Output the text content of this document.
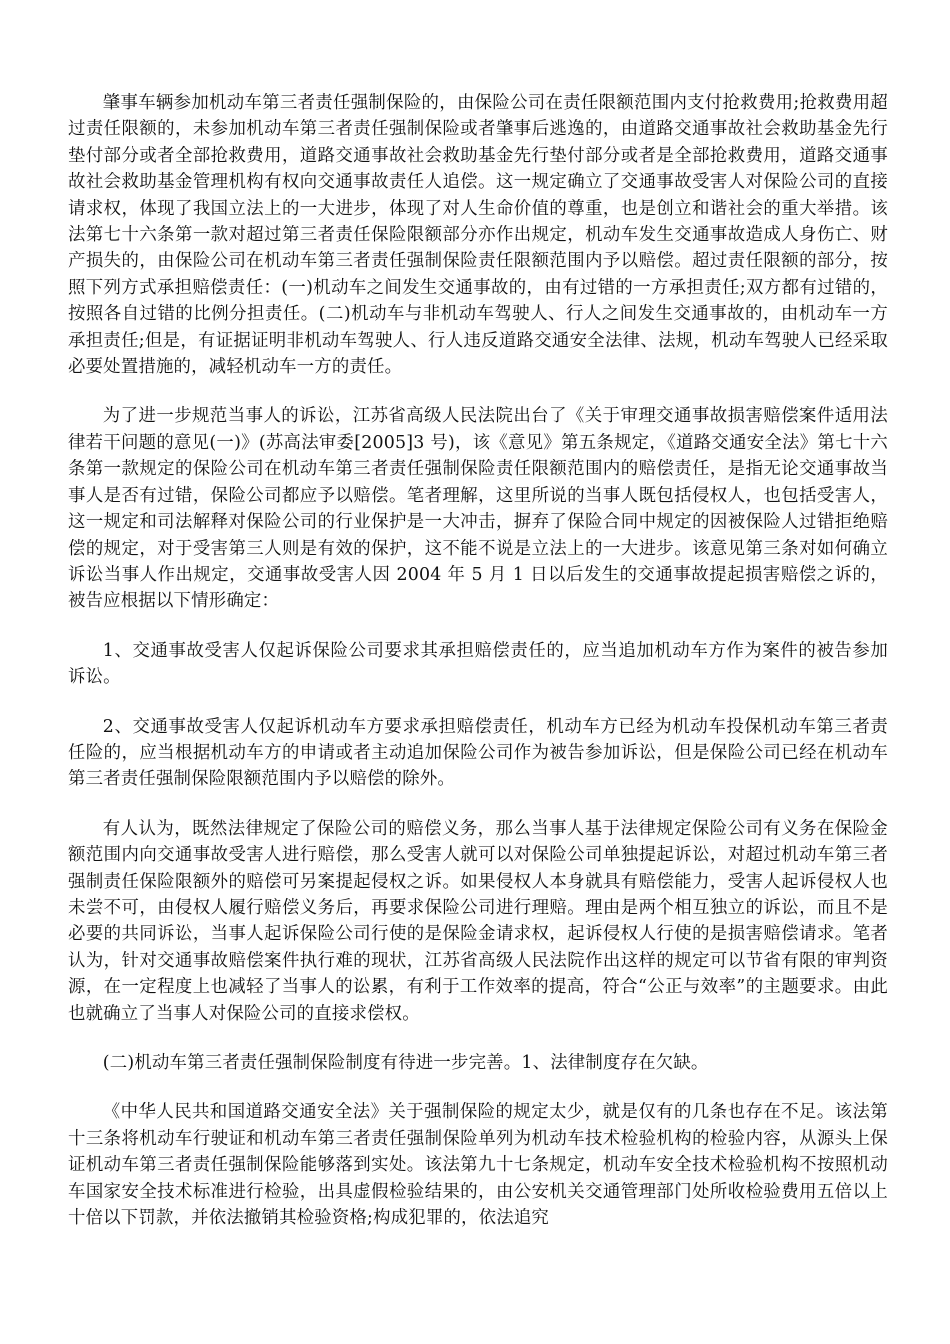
肇事车辆参加机动车第三者责任强制保险的，由保险公司在责任限额范围内支付抢救费用;抢救费用超过责任限额的，未参加机动车第三者责任强制保险或者肇事后逃逸的，由道路交通事故社会救助基金先行垫付部分或者全部抢救费用，道路交通事故社会救助基金先行垫付部分或者是全部抢救费用，道路交通事故社会救助基金管理机构有权向交通事故责任人追偿。这一规定确立了交通事故受害人对保险公司的直接请求权，体现了我国立法上的一大进步，体现了对人生命价值的尊重，也是创立和谐社会的重大举措。该法第七十六条第一款对超过第三者责任保险限额部分亦作出规定，机动车发生交通事故造成人身伤亡、财产损失的，由保险公司在机动车第三者责任强制保险责任限额范围内予以赔偿。超过责任限额的部分，按照下列方式承担赔偿责任：(一)机动车之间发生交通事故的，由有过错的一方承担责任;双方都有过错的，按照各自过错的比例分担责任。(二)机动车与非机动车驾驶人、行人之间发生交通事故的，由机动车一方承担责任;但是，有证据证明非机动车驾驶人、行人违反道路交通安全法律、法规，机动车驾驶人已经采取必要处置措施的，减轻机动车一方的责任。

为了进一步规范当事人的诉讼，江苏省高级人民法院出台了《关于审理交通事故损害赔偿案件适用法律若干问题的意见(一)》(苏高法审委[2005]3 号)，该《意见》第五条规定，《道路交通安全法》第七十六条第一款规定的保险公司在机动车第三者责任强制保险责任限额范围内的赔偿责任，是指无论交通事故当事人是否有过错，保险公司都应予以赔偿。笔者理解，这里所说的当事人既包括侵权人，也包括受害人，这一规定和司法解释对保险公司的行业保护是一大冲击，摒弃了保险合同中规定的因被保险人过错拒绝赔偿的规定，对于受害第三人则是有效的保护，这不能不说是立法上的一大进步。该意见第三条对如何确立诉讼当事人作出规定，交通事故受害人因 2004 年 5 月 1 日以后发生的交通事故提起损害赔偿之诉的，被告应根据以下情形确定：

1、交通事故受害人仅起诉保险公司要求其承担赔偿责任的，应当追加机动车方作为案件的被告参加诉讼。

2、交通事故受害人仅起诉机动车方要求承担赔偿责任，机动车方已经为机动车投保机动车第三者责任险的，应当根据机动车方的申请或者主动追加保险公司作为被告参加诉讼，但是保险公司已经在机动车第三者责任强制保险限额范围内予以赔偿的除外。

有人认为，既然法律规定了保险公司的赔偿义务，那么当事人基于法律规定保险公司有义务在保险金额范围内向交通事故受害人进行赔偿，那么受害人就可以对保险公司单独提起诉讼，对超过机动车第三者强制责任保险限额外的赔偿可另案提起侵权之诉。如果侵权人本身就具有赔偿能力，受害人起诉侵权人也未尝不可，由侵权人履行赔偿义务后，再要求保险公司进行理赔。理由是两个相互独立的诉讼，而且不是必要的共同诉讼，当事人起诉保险公司行使的是保险金请求权，起诉侵权人行使的是损害赔偿请求。笔者认为，针对交通事故赔偿案件执行难的现状，江苏省高级人民法院作出这样的规定可以节省有限的审判资源，在一定程度上也减轻了当事人的讼累，有利于工作效率的提高，符合“公正与效率”的主题要求。由此也就确立了当事人对保险公司的直接求偿权。

(二)机动车第三者责任强制保险制度有待进一步完善。1、法律制度存在欠缺。

《中华人民共和国道路交通安全法》关于强制保险的规定太少，就是仅有的几条也存在不足。该法第十三条将机动车行驶证和机动车第三者责任强制保险单列为机动车技术检验机构的检验内容，从源头上保证机动车第三者责任强制保险能够落到实处。该法第九十七条规定，机动车安全技术检验机构不按照机动车国家安全技术标准进行检验，出具虚假检验结果的，由公安机关交通管理部门处所收检验费用五倍以上十倍以下罚款，并依法撤销其检验资格;构成犯罪的，依法追究
